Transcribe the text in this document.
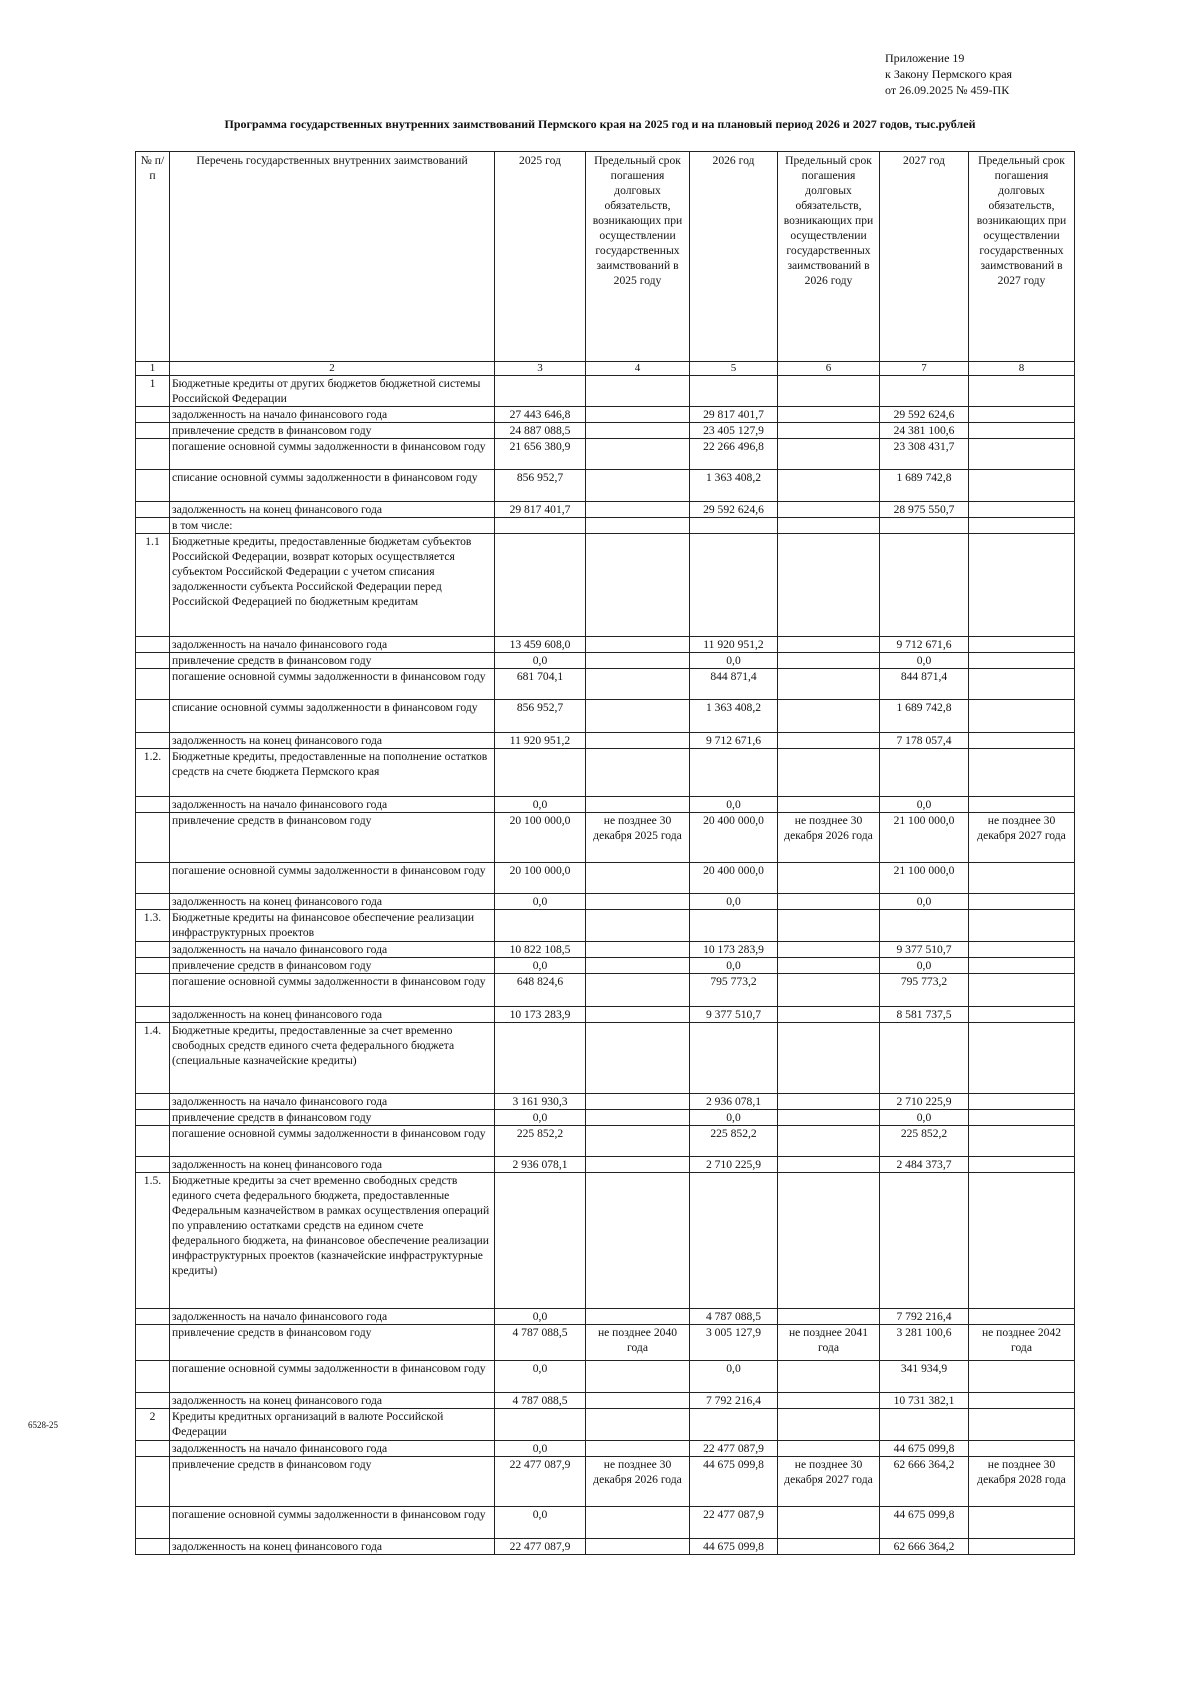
Приложение 19
к Закону Пермского края
от 26.09.2025 № 459-ПК
Программа государственных внутренних заимствований Пермского края на 2025 год и на плановый период 2026 и 2027 годов, тыс.рублей
№ п/п	Перечень государственных внутренних заимствований	2025 год	Предельный срок погашения долговых обязательств, возникающих при осуществлении государственных заимствований в 2025 году	2026 год	Предельный срок погашения долговых обязательств, возникающих при осуществлении государственных заимствований в 2026 году	2027 год	Предельный срок погашения долговых обязательств, возникающих при осуществлении государственных заимствований в 2027 году
1	2	3	4	5	6	7	8
1	Бюджетные кредиты от других бюджетов бюджетной системы Российской Федерации						
	задолженность на начало финансового года	27 443 646,8		29 817 401,7		29 592 624,6	
	привлечение средств в финансовом году	24 887 088,5		23 405 127,9		24 381 100,6	
	погашение основной суммы задолженности в финансовом году	21 656 380,9		22 266 496,8		23 308 431,7	
	списание основной суммы задолженности в финансовом году	856 952,7		1 363 408,2		1 689 742,8	
	задолженность на конец финансового года	29 817 401,7		29 592 624,6		28 975 550,7	
	в том числе:						
1.1	Бюджетные кредиты, предоставленные бюджетам субъектов Российской Федерации, возврат которых осуществляется субъектом Российской Федерации с учетом списания задолженности субъекта Российской Федерации перед Российской Федерацией по бюджетным кредитам						
	задолженность на начало финансового года	13 459 608,0		11 920 951,2		9 712 671,6	
	привлечение средств в финансовом году	0,0		0,0		0,0	
	погашение основной суммы задолженности в финансовом году	681 704,1		844 871,4		844 871,4	
	списание основной суммы задолженности в финансовом году	856 952,7		1 363 408,2		1 689 742,8	
	задолженность на конец финансового года	11 920 951,2		9 712 671,6		7 178 057,4	
1.2.	Бюджетные кредиты, предоставленные на пополнение остатков средств на счете бюджета Пермского края						
	задолженность на начало финансового года	0,0		0,0		0,0	
	привлечение средств в финансовом году	20 100 000,0	не позднее 30 декабря 2025 года	20 400 000,0	не позднее 30 декабря 2026 года	21 100 000,0	не позднее 30 декабря 2027 года
	погашение основной суммы задолженности в финансовом году	20 100 000,0		20 400 000,0		21 100 000,0	
	задолженность на конец финансового года	0,0		0,0		0,0	
1.3.	Бюджетные кредиты на финансовое обеспечение реализации инфраструктурных проектов						
	задолженность на начало финансового года	10 822 108,5		10 173 283,9		9 377 510,7	
	привлечение средств в финансовом году	0,0		0,0		0,0	
	погашение основной суммы задолженности в финансовом году	648 824,6		795 773,2		795 773,2	
	задолженность на конец финансового года	10 173 283,9		9 377 510,7		8 581 737,5	
1.4.	Бюджетные кредиты, предоставленные за счет временно свободных средств единого счета федерального бюджета (специальные казначейские кредиты)						
	задолженность на начало финансового года	3 161 930,3		2 936 078,1		2 710 225,9	
	привлечение средств в финансовом году	0,0		0,0		0,0	
	погашение основной суммы задолженности в финансовом году	225 852,2		225 852,2		225 852,2	
	задолженность на конец финансового года	2 936 078,1		2 710 225,9		2 484 373,7	
1.5.	Бюджетные кредиты за счет временно свободных средств единого счета федерального бюджета, предоставленные Федеральным казначейством в рамках осуществления операций по управлению остатками средств на едином счете федерального бюджета, на финансовое обеспечение реализации инфраструктурных проектов (казначейские инфраструктурные кредиты)						
	задолженность на начало финансового года	0,0		4 787 088,5		7 792 216,4	
	привлечение средств в финансовом году	4 787 088,5	не позднее 2040 года	3 005 127,9	не позднее 2041 года	3 281 100,6	не позднее 2042 года
	погашение основной суммы задолженности в финансовом году	0,0		0,0		341 934,9	
	задолженность на конец финансового года	4 787 088,5		7 792 216,4		10 731 382,1	
2	Кредиты кредитных организаций в валюте Российской Федерации						
	задолженность на начало финансового года	0,0		22 477 087,9		44 675 099,8	
	привлечение средств в финансовом году	22 477 087,9	не позднее 30 декабря 2026 года	44 675 099,8	не позднее 30 декабря 2027 года	62 666 364,2	не позднее 30 декабря 2028 года
	погашение основной суммы задолженности в финансовом году	0,0		22 477 087,9		44 675 099,8	
	задолженность на конец финансового года	22 477 087,9		44 675 099,8		62 666 364,2	
6528-25
